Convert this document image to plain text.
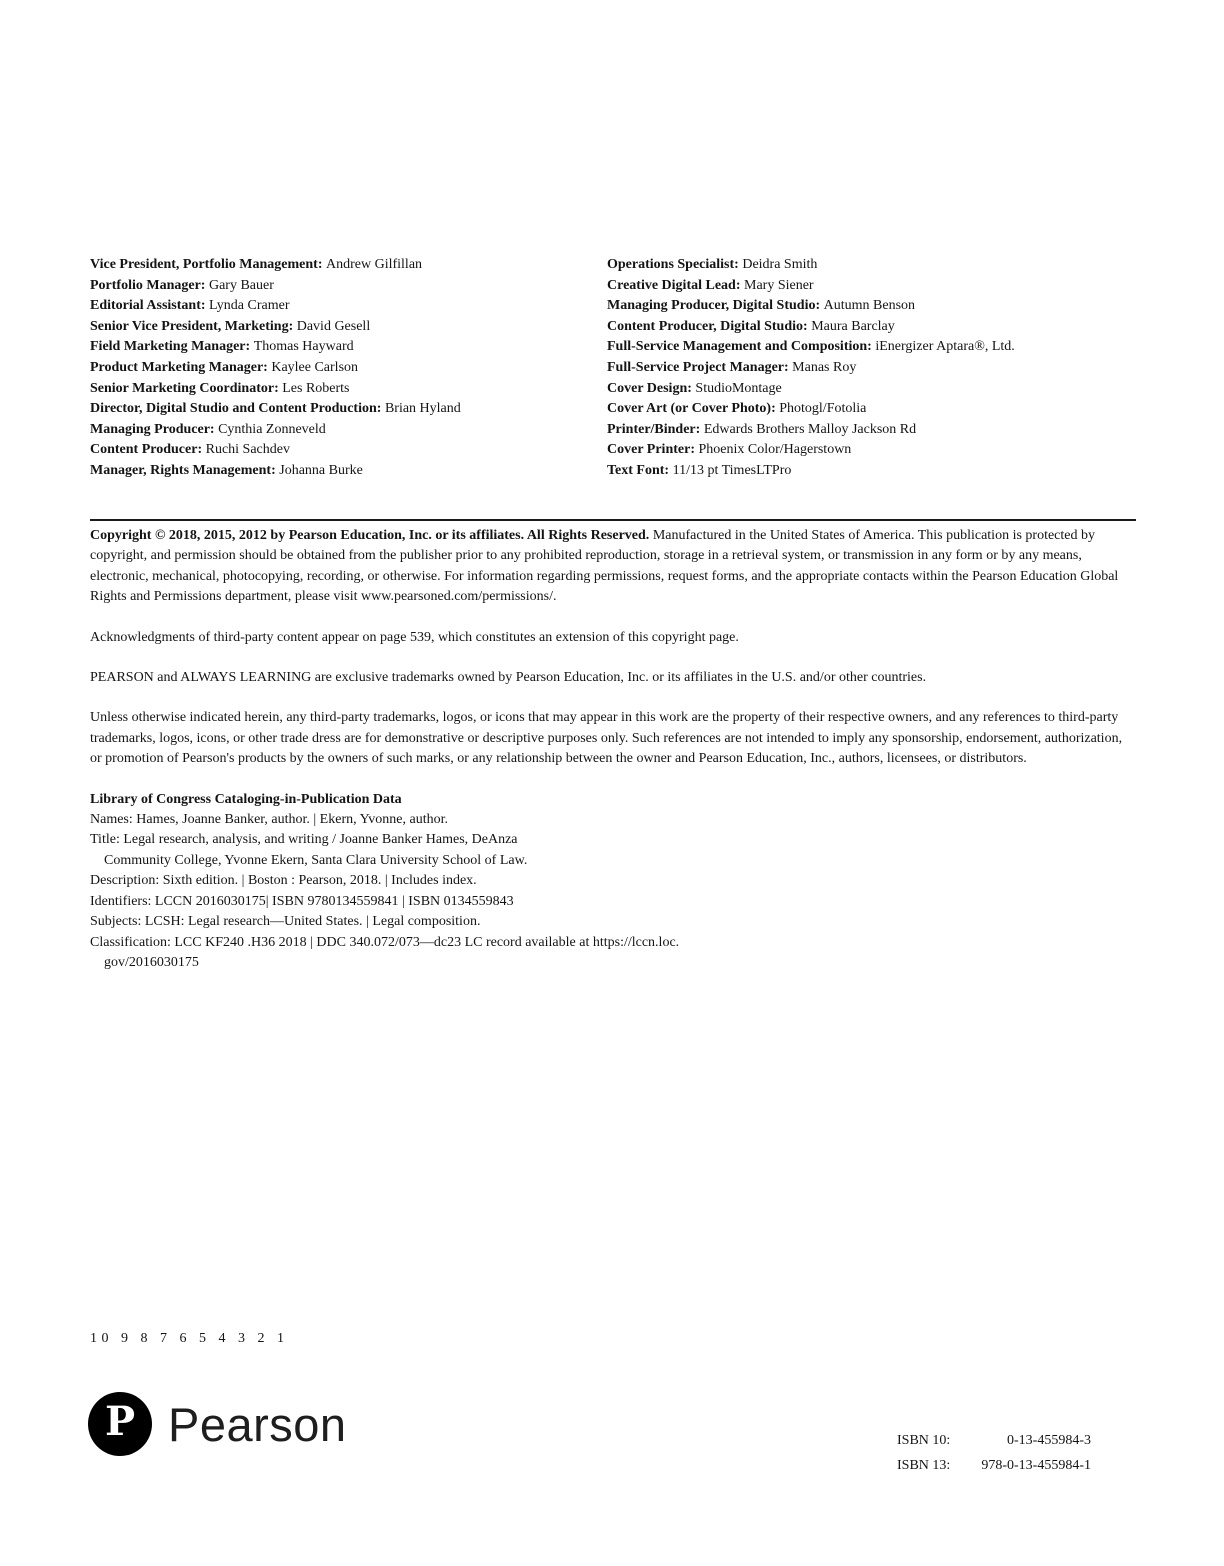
Vice President, Portfolio Management: Andrew Gilfillan
Portfolio Manager: Gary Bauer
Editorial Assistant: Lynda Cramer
Senior Vice President, Marketing: David Gesell
Field Marketing Manager: Thomas Hayward
Product Marketing Manager: Kaylee Carlson
Senior Marketing Coordinator: Les Roberts
Director, Digital Studio and Content Production: Brian Hyland
Managing Producer: Cynthia Zonneveld
Content Producer: Ruchi Sachdev
Manager, Rights Management: Johanna Burke
Operations Specialist: Deidra Smith
Creative Digital Lead: Mary Siener
Managing Producer, Digital Studio: Autumn Benson
Content Producer, Digital Studio: Maura Barclay
Full-Service Management and Composition: iEnergizer Aptara®, Ltd.
Full-Service Project Manager: Manas Roy
Cover Design: StudioMontage
Cover Art (or Cover Photo): Photogl/Fotolia
Printer/Binder: Edwards Brothers Malloy Jackson Rd
Cover Printer: Phoenix Color/Hagerstown
Text Font: 11/13 pt TimesLTPro

Copyright © 2018, 2015, 2012 by Pearson Education, Inc. or its affiliates. All Rights Reserved. Manufactured in the United States of America. This publication is protected by copyright, and permission should be obtained from the publisher prior to any prohibited reproduction, storage in a retrieval system, or transmission in any form or by any means, electronic, mechanical, photocopying, recording, or otherwise. For information regarding permissions, request forms, and the appropriate contacts within the Pearson Education Global Rights and Permissions department, please visit www.pearsoned.com/permissions/.

Acknowledgments of third-party content appear on page 539, which constitutes an extension of this copyright page.

PEARSON and ALWAYS LEARNING are exclusive trademarks owned by Pearson Education, Inc. or its affiliates in the U.S. and/or other countries.

Unless otherwise indicated herein, any third-party trademarks, logos, or icons that may appear in this work are the property of their respective owners, and any references to third-party trademarks, logos, icons, or other trade dress are for demonstrative or descriptive purposes only. Such references are not intended to imply any sponsorship, endorsement, authorization, or promotion of Pearson's products by the owners of such marks, or any relationship between the owner and Pearson Education, Inc., authors, licensees, or distributors.

Library of Congress Cataloging-in-Publication Data
Names: Hames, Joanne Banker, author. | Ekern, Yvonne, author.
Title: Legal research, analysis, and writing / Joanne Banker Hames, DeAnza
Community College, Yvonne Ekern, Santa Clara University School of Law.
Description: Sixth edition. | Boston : Pearson, 2018. | Includes index.
Identifiers: LCCN 2016030175| ISBN 9780134559841 | ISBN 0134559843
Subjects: LCSH: Legal research—United States. | Legal composition.
Classification: LCC KF240 .H36 2018 | DDC 340.072/073—dc23 LC record available at https://lccn.loc.
gov/2016030175
10 9 8 7 6 5 4 3 2 1
P Pearson	ISBN 10:	0-13-455984-3
ISBN 13:	978-0-13-455984-1
